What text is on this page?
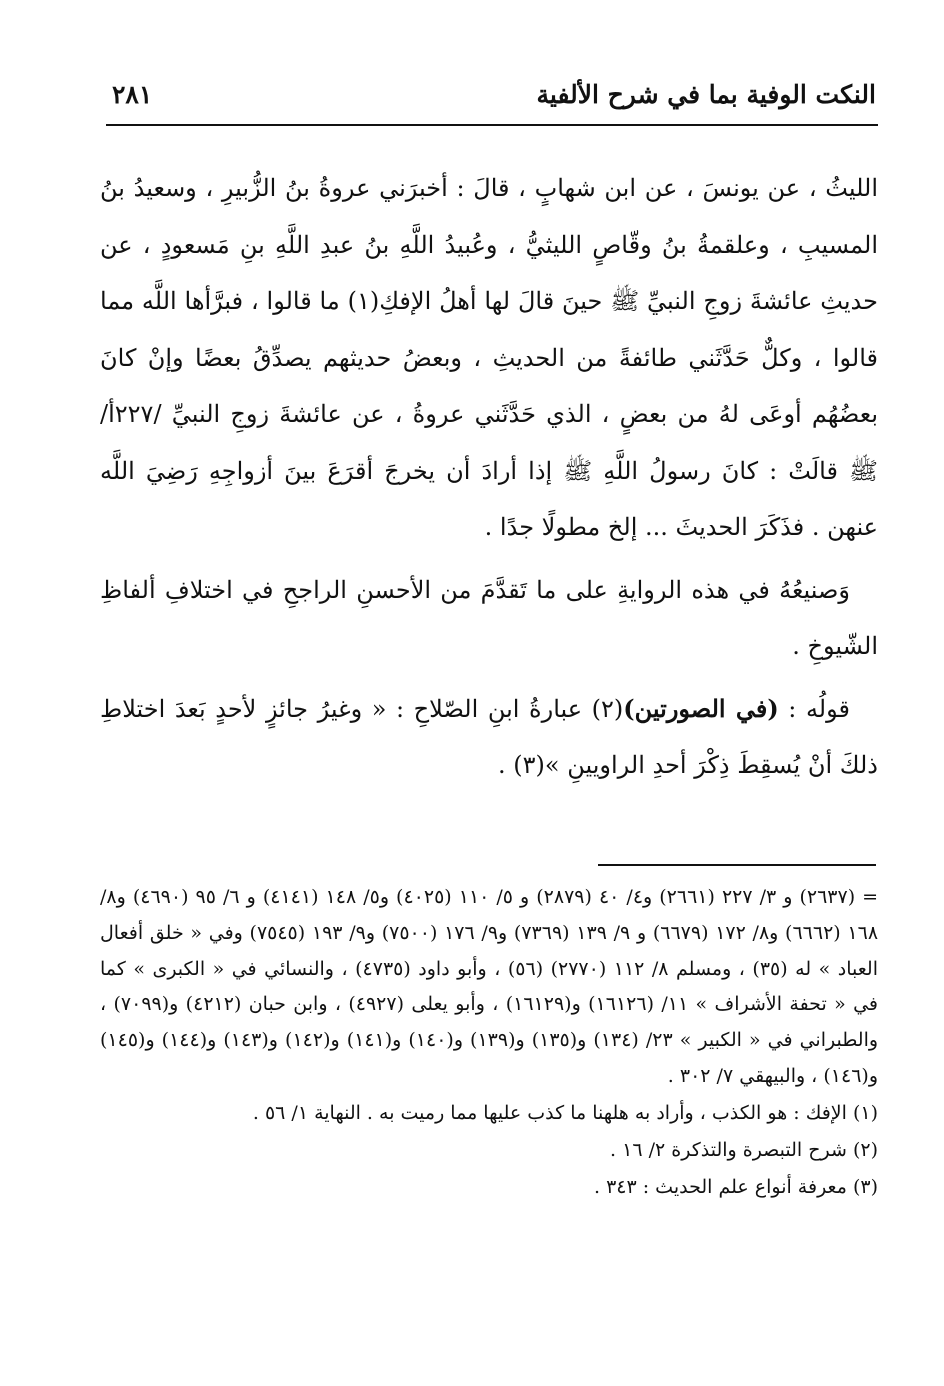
النكت الوفية بما في شرح الألفية
٢٨١

الليثُ ، عن يونسَ ، عن ابن شهابٍ ، قالَ : أخبرَني عروةُ بنُ الزُّبيرِ ، وسعيدُ بنُ المسيبِ ، وعلقمةُ بنُ وقّاصٍ الليثيُّ ، وعُبيدُ اللَّهِ بنُ عبدِ اللَّهِ بنِ مَسعودٍ ، عن حديثِ عائشةَ زوجِ النبيِّ ﷺ حينَ قالَ لها أهلُ الإفكِ(١) ما قالوا ، فبرَّأها اللَّه مما قالوا ، وكلٌّ حَدَّثَني طائفةً من الحديثِ ، وبعضُ حديثهم يصدِّقُ بعضًا وإنْ كانَ بعضُهُم أوعَى لهُ من بعضٍ ، الذي حَدَّثَني عروةُ ، عن عائشةَ زوجِ النبيِّ /٢٢٧أ/ ﷺ قالَتْ : كانَ رسولُ اللَّهِ ﷺ إذا أرادَ أن يخرجَ أقرَعَ بينَ أزواجِهِ رَضِيَ اللَّه عنهن . فذَكَرَ الحديثَ ... إلخ مطولًا جدًا .

وَصنيعُهُ في هذه الروايةِ على ما تَقدَّمَ من الأحسنِ الراجحِ في اختلافِ ألفاظِ الشّيوخِ .

قولُه : (في الصورتين)(٢) عبارةُ ابنِ الصّلاحِ : « وغيرُ جائزٍ لأحدٍ بَعدَ اختلاطِ ذلكَ أنْ يُسقِطَ ذِكْرَ أحدِ الراويينِ »(٣) .

= (٢٦٣٧) و ٣/ ٢٢٧ (٢٦٦١) و٤/ ٤٠ (٢٨٧٩) و ٥/ ١١٠ (٤٠٢٥) و٥/ ١٤٨ (٤١٤١) و ٦/ ٩٥ (٤٦٩٠) و٨/ ١٦٨ (٦٦٦٢) و٨/ ١٧٢ (٦٦٧٩) و ٩/ ١٣٩ (٧٣٦٩) و٩/ ١٧٦ (٧٥٠٠) و٩/ ١٩٣ (٧٥٤٥) وفي « خلق أفعال العباد » له (٣٥) ، ومسلم ٨/ ١١٢ (٢٧٧٠) (٥٦) ، وأبو داود (٤٧٣٥) ، والنسائي في « الكبرى » كما في « تحفة الأشراف » ١١/ (١٦١٢٦) و(١٦١٢٩) ، وأبو يعلى (٤٩٢٧) ، وابن حبان (٤٢١٢) و(٧٠٩٩) ، والطبراني في « الكبير » ٢٣/ (١٣٤) و(١٣٥) و(١٣٩) و(١٤٠) و(١٤١) و(١٤٢) و(١٤٣) و(١٤٤) و(١٤٥) و(١٤٦) ، والبيهقي ٧/ ٣٠٢ .

(١) الإفك : هو الكذب ، وأراد به هلهنا ما كذب عليها مما رميت به . النهاية ١/ ٥٦ .

(٢) شرح التبصرة والتذكرة ٢/ ١٦ .

(٣) معرفة أنواع علم الحديث : ٣٤٣ .
